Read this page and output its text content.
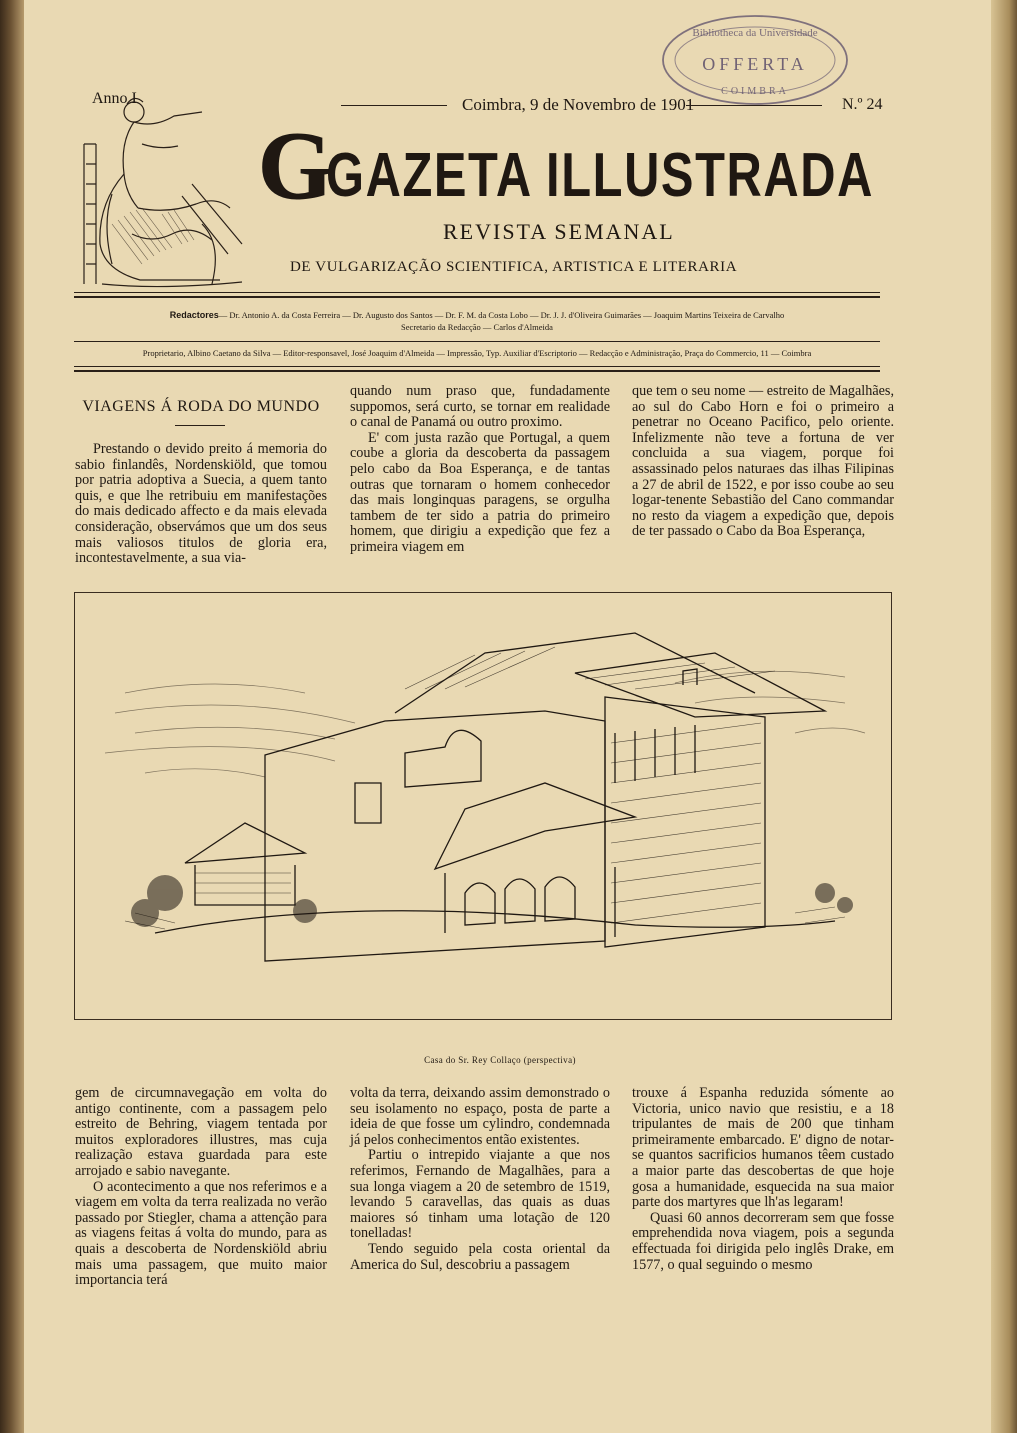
Bibliotheca da Universidade
OFFERTA
COIMBRA
Anno I	Coimbra, 9 de Novembro de 1901	N.º 24
G
GAZETA ILLUSTRADA
REVISTA SEMANAL
DE VULGARIZAÇÃO SCIENTIFICA, ARTISTICA E LITERARIA
Redactores— Dr. Antonio A. da Costa Ferreira — Dr. Augusto dos Santos — Dr. F. M. da Costa Lobo — Dr. J. J. d'Oliveira Guimarães — Joaquim Martins Teixeira de Carvalho
Secretario da Redacção — Carlos d'Almeida
Proprietario, Albino Caetano da Silva — Editor-responsavel, José Joaquim d'Almeida — Impressão, Typ. Auxiliar d'Escriptorio — Redacção e Administração, Praça do Commercio, 11 — Coimbra
VIAGENS Á RODA DO MUNDO

Prestando o devido preito á memoria do sabio finlandês, Nordenskiöld, que tomou por patria adoptiva a Suecia, a quem tanto quis, e que lhe retribuiu em manifestações do mais dedicado affecto e da mais elevada consideração, observámos que um dos seus mais valiosos titulos de gloria era, incontestavelmente, a sua via-

quando num praso que, fundadamente suppomos, será curto, se tornar em realidade o canal de Panamá ou outro proximo.

E' com justa razão que Portugal, a quem coube a gloria da descoberta da passagem pelo cabo da Boa Esperança, e de tantas outras que tornaram o homem conhecedor das mais longinquas paragens, se orgulha tambem de ter sido a patria do primeiro homem, que dirigiu a expedição que fez a primeira viagem em

que tem o seu nome — estreito de Magalhães, ao sul do Cabo Horn e foi o primeiro a penetrar no Oceano Pacifico, pelo oriente. Infelizmente não teve a fortuna de ver concluida a sua viagem, porque foi assassinado pelos naturaes das ilhas Filipinas a 27 de abril de 1522, e por isso coube ao seu logar-tenente Sebastião del Cano commandar no resto da viagem a expedição que, depois de ter passado o Cabo da Boa Esperança,

Casa do Sr. Rey Collaço (perspectiva)

gem de circumnavegação em volta do antigo continente, com a passagem pelo estreito de Behring, viagem tentada por muitos exploradores illustres, mas cuja realização estava guardada para este arrojado e sabio navegante.

O acontecimento a que nos referimos e a viagem em volta da terra realizada no verão passado por Stiegler, chama a attenção para as viagens feitas á volta do mundo, para as quais a descoberta de Nordenskiöld abriu mais uma passagem, que muito maior importancia terá

volta da terra, deixando assim demonstrado o seu isolamento no espaço, posta de parte a ideia de que fosse um cylindro, condemnada já pelos conhecimentos então existentes.

Partiu o intrepido viajante a que nos referimos, Fernando de Magalhães, para a sua longa viagem a 20 de setembro de 1519, levando 5 caravellas, das quais as duas maiores só tinham uma lotação de 120 tonelladas!

Tendo seguido pela costa oriental da America do Sul, descobriu a passagem

trouxe á Espanha reduzida sómente ao Victoria, unico navio que resistiu, e a 18 tripulantes de mais de 200 que tinham primeiramente embarcado. E' digno de notar-se quantos sacrificios humanos têem custado a maior parte das descobertas de que hoje gosa a humanidade, esquecida na sua maior parte dos martyres que lh'as legaram!

Quasi 60 annos decorreram sem que fosse emprehendida nova viagem, pois a segunda effectuada foi dirigida pelo inglês Drake, em 1577, o qual seguindo o mesmo
